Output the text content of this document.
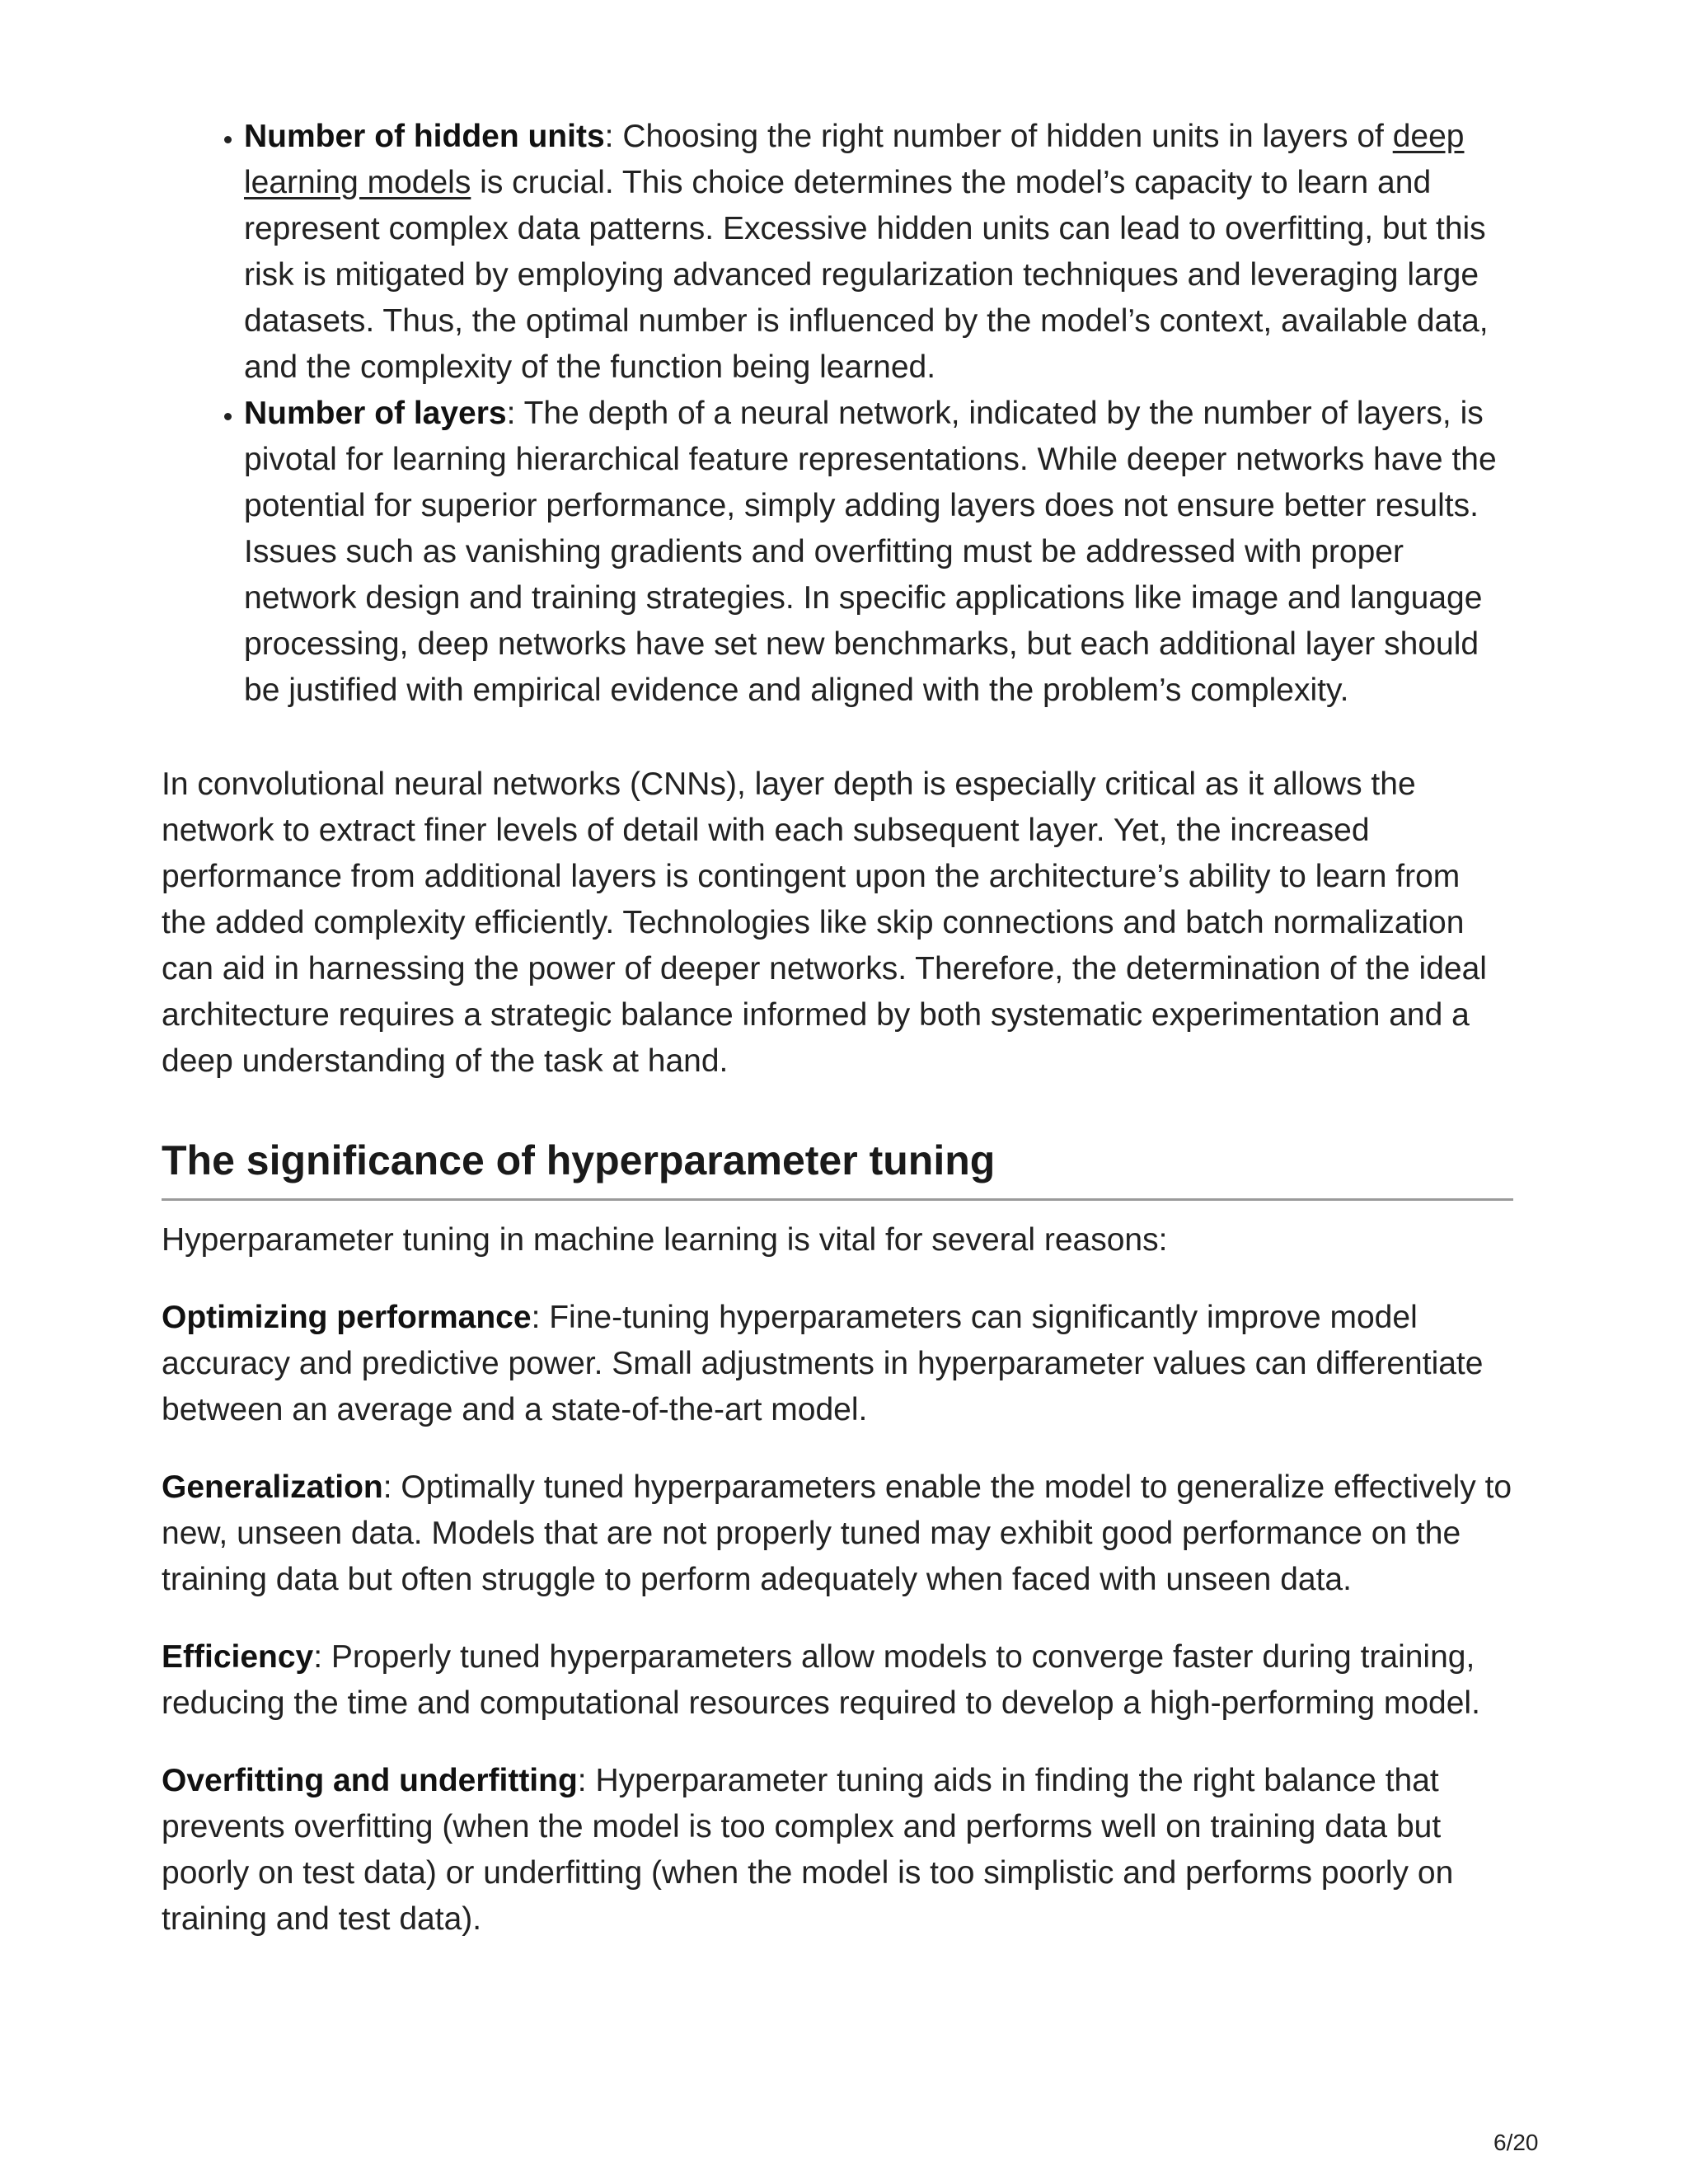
• Number of hidden units: Choosing the right number of hidden units in layers of deep learning models is crucial. This choice determines the model’s capacity to learn and represent complex data patterns. Excessive hidden units can lead to overfitting, but this risk is mitigated by employing advanced regularization techniques and leveraging large datasets. Thus, the optimal number is influenced by the model’s context, available data, and the complexity of the function being learned.
• Number of layers: The depth of a neural network, indicated by the number of layers, is pivotal for learning hierarchical feature representations. While deeper networks have the potential for superior performance, simply adding layers does not ensure better results. Issues such as vanishing gradients and overfitting must be addressed with proper network design and training strategies. In specific applications like image and language processing, deep networks have set new benchmarks, but each additional layer should be justified with empirical evidence and aligned with the problem’s complexity.

In convolutional neural networks (CNNs), layer depth is especially critical as it allows the network to extract finer levels of detail with each subsequent layer. Yet, the increased performance from additional layers is contingent upon the architecture’s ability to learn from the added complexity efficiently. Technologies like skip connections and batch normalization can aid in harnessing the power of deeper networks. Therefore, the determination of the ideal architecture requires a strategic balance informed by both systematic experimentation and a deep understanding of the task at hand.

The significance of hyperparameter tuning

Hyperparameter tuning in machine learning is vital for several reasons:

Optimizing performance: Fine-tuning hyperparameters can significantly improve model accuracy and predictive power. Small adjustments in hyperparameter values can differentiate between an average and a state-of-the-art model.

Generalization: Optimally tuned hyperparameters enable the model to generalize effectively to new, unseen data. Models that are not properly tuned may exhibit good performance on the training data but often struggle to perform adequately when faced with unseen data.

Efficiency: Properly tuned hyperparameters allow models to converge faster during training, reducing the time and computational resources required to develop a high-performing model.

Overfitting and underfitting: Hyperparameter tuning aids in finding the right balance that prevents overfitting (when the model is too complex and performs well on training data but poorly on test data) or underfitting (when the model is too simplistic and performs poorly on training and test data).

6/20
